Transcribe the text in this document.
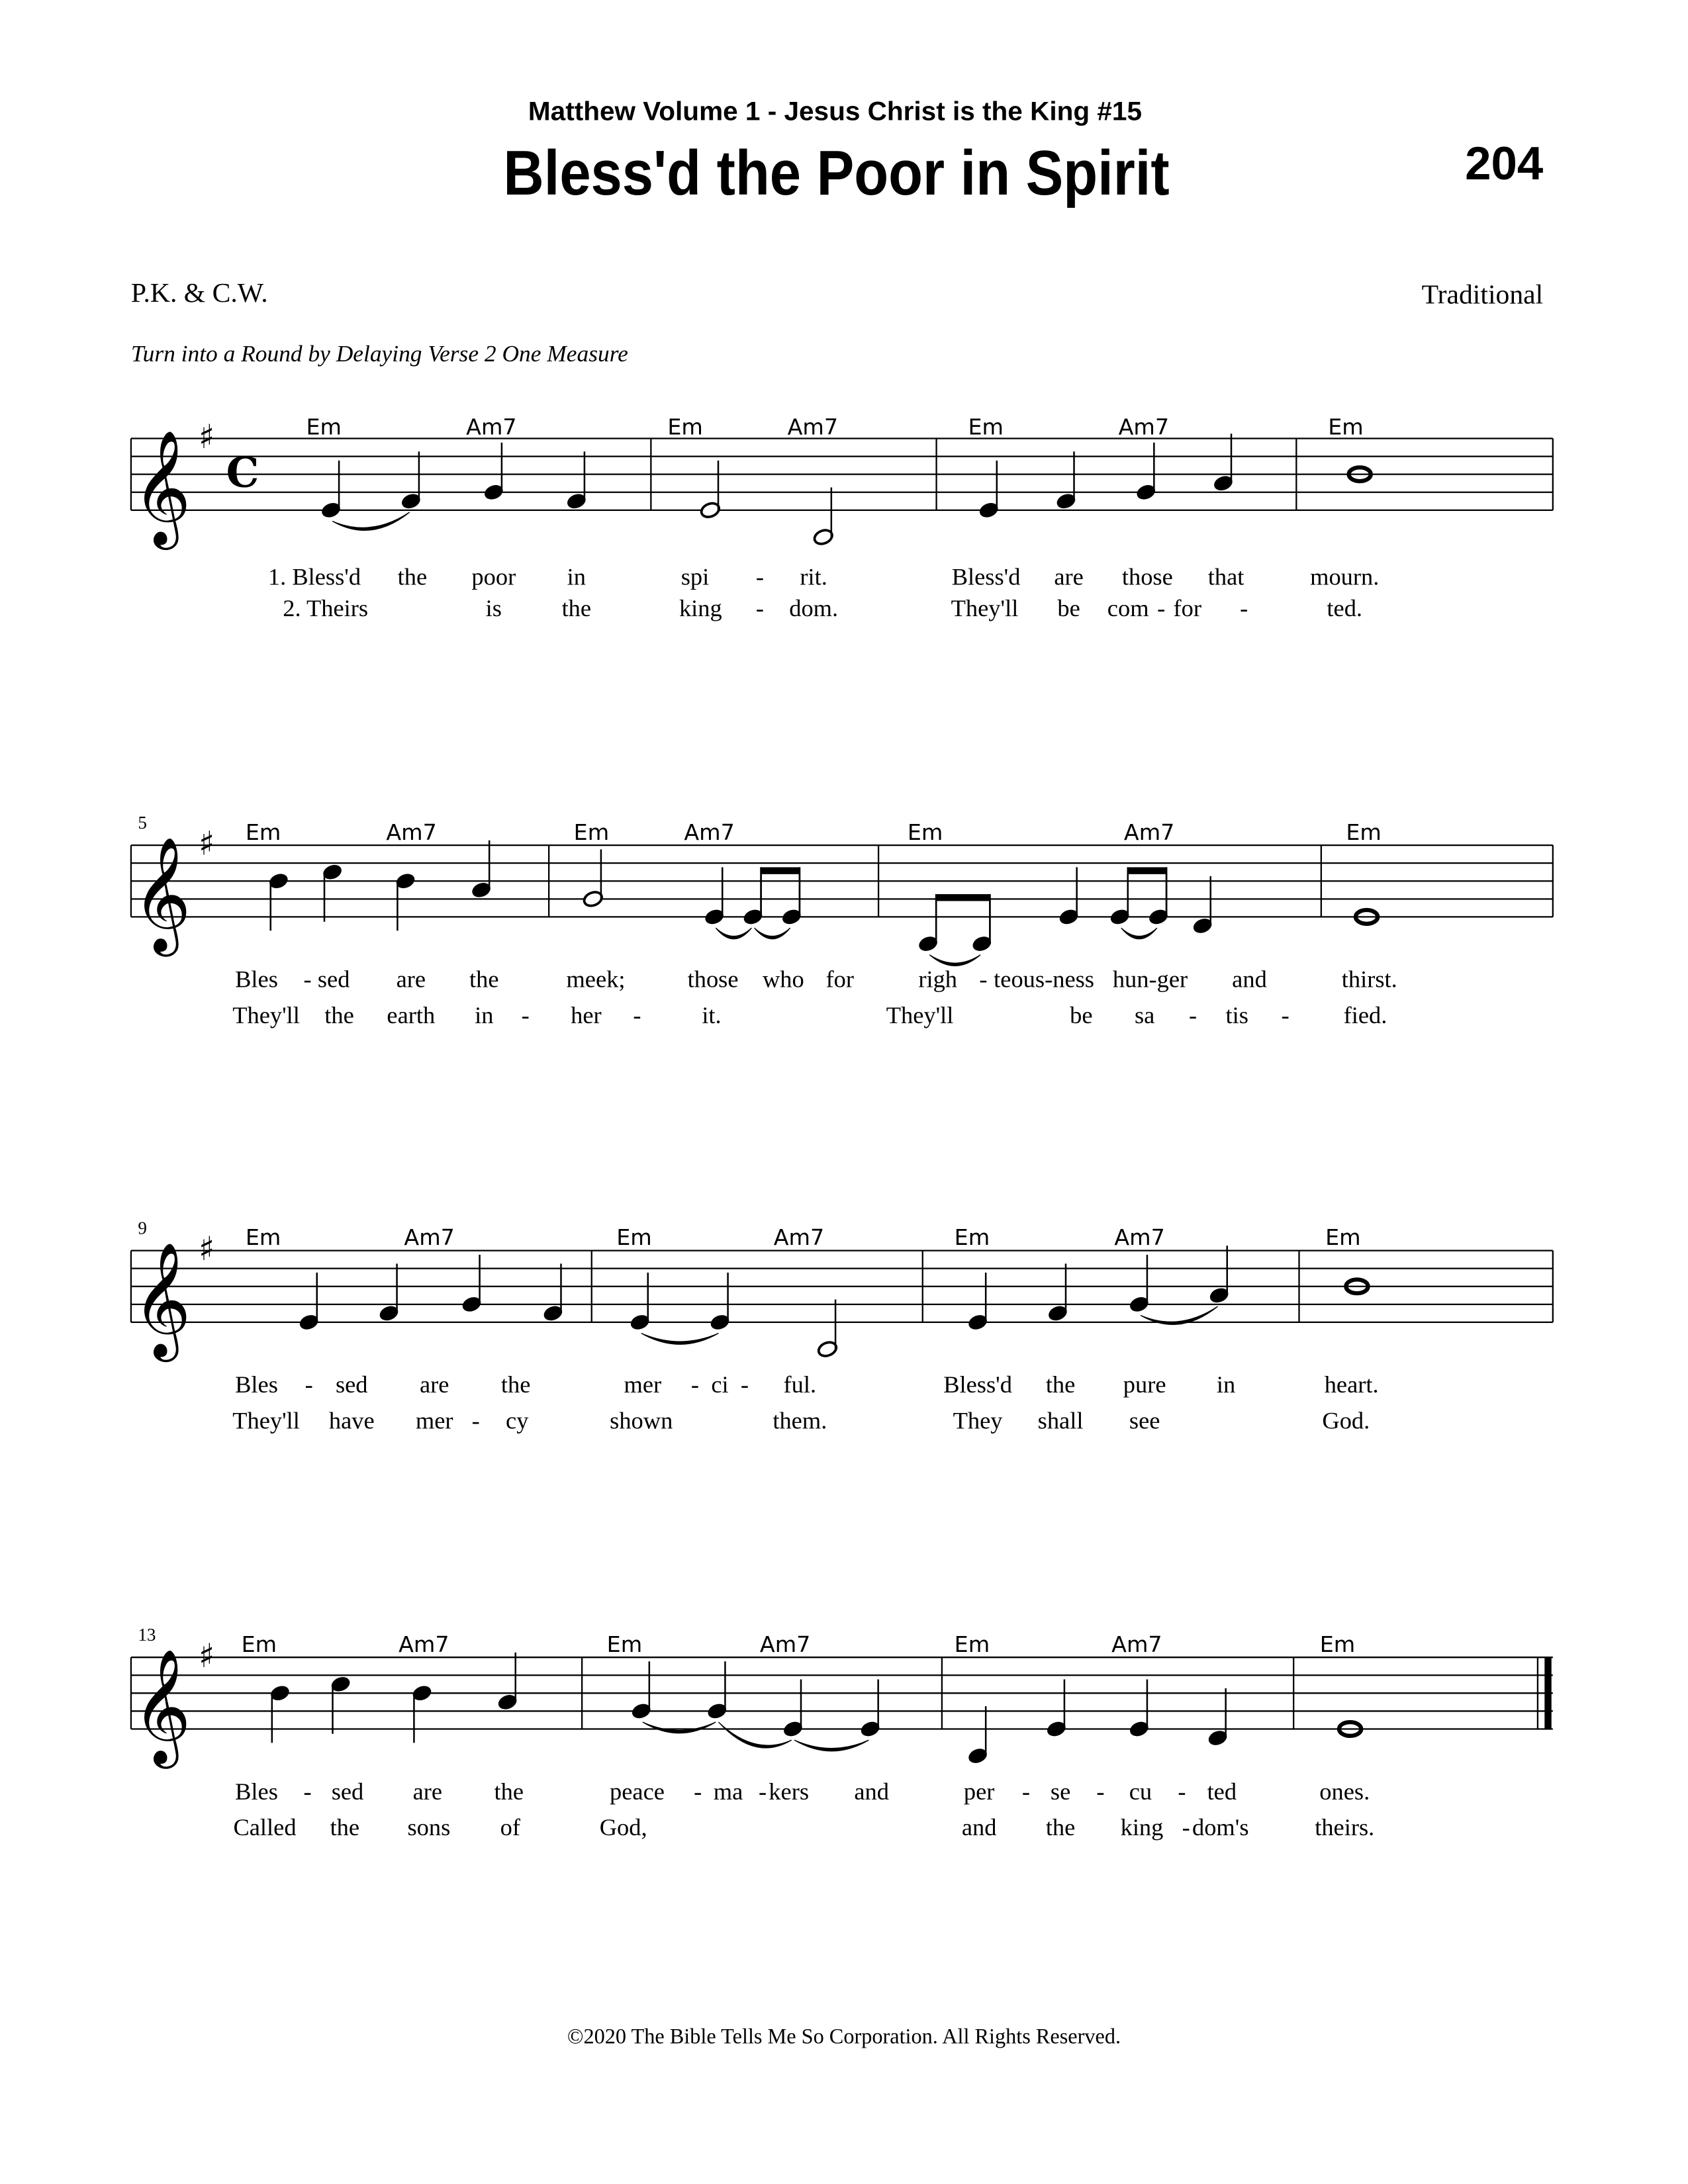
Matthew Volume 1 - Jesus Christ is the King #15
Bless'd the Poor in Spirit	204
P.K. & C.W.	Traditional
Turn into a Round by Delaying Verse 2 One Measure
𝄞 ♯
C
Em	Am7	Em	Am7	Em	Am7	Em
1. Bless'd	the	poor	in	spi	-	rit.	Bless'd	are	those	that	mourn.
2. Theirs	is	the	king	- dom.	They'll	be com - for	-	ted.
𝄞 ♯
5	Em	Am7	Em	Am7	Em	Am7	Em
Bles - sed	are	the	meek;	those who for	righ - teous-ness hun-ger	and	thirst.
They'll the	earth	in -	her	-	it.	They'll	be	sa	- tis	-	fied.
𝄞 ♯
9	Em	Am7	Em	Am7	Em	Am7	Em
Bles - sed	are	the	mer	- ci -	ful.	Bless'd	the	pure	in	heart.
They'll	have	mer - cy	shown	them.	They	shall	see	God.
𝄞 ♯
13	Em	Am7	Em	Am7	Em	Am7	Em
Bles - sed	are	the	peace	- ma - kers	and	per - se - cu - ted	ones.
Called	the	sons	of	God,	and	the	king - dom's	theirs.
©2020 The Bible Tells Me So Corporation. All Rights Reserved.
